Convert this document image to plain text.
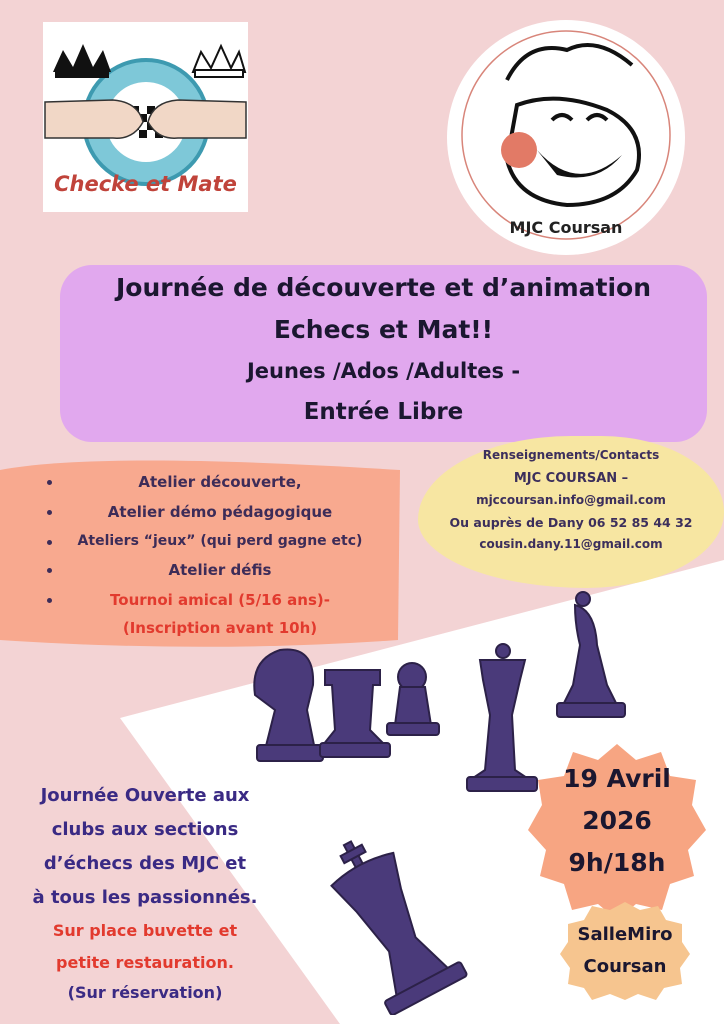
Checke et Mate
MJC Coursan
Journée de découverte et d’animation
Echecs et Mat!!
Jeunes /Ados /Adultes -
Entrée Libre
Renseignements/Contacts
MJC COURSAN –
mjccoursan.info@gmail.com
Ou auprès de Dany 06 52 85 44 32
cousin.dany.11@gmail.com
Atelier découverte,
Atelier démo pédagogique
Ateliers “jeux” (qui perd gagne etc)
Atelier défis
Tournoi amical (5/16 ans)-
(Inscription avant 10h)
Journée Ouverte aux
clubs aux sections
d’échecs des MJC et
à tous les passionnés.
Sur place buvette et
petite restauration.
(Sur réservation)
19 Avril
2026
9h/18h
SalleMiro
Coursan
